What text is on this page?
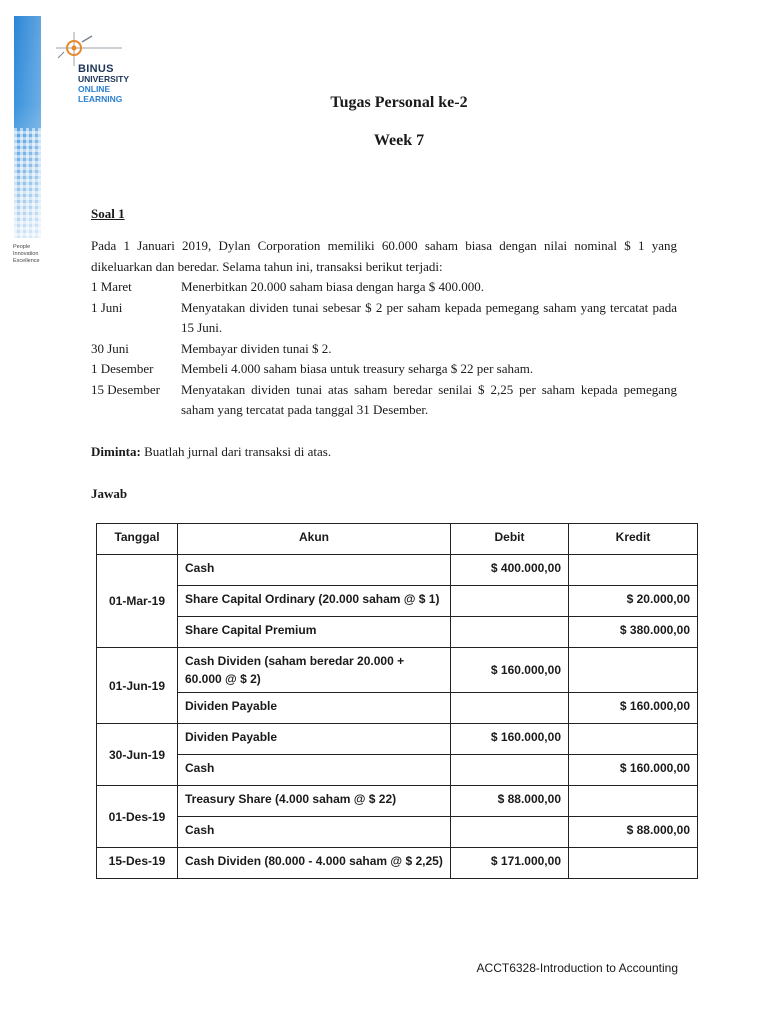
People
Innovation
Excellence
BINUS
UNIVERSITY
ONLINE
LEARNING	Tugas Personal ke-2
Week 7
Soal 1
Pada 1 Januari 2019, Dylan Corporation memiliki 60.000 saham biasa dengan nilai nominal $ 1 yang dikeluarkan dan beredar. Selama tahun ini, transaksi berikut terjadi:
1 Maret	Menerbitkan 20.000 saham biasa dengan harga $ 400.000.
1 Juni	Menyatakan dividen tunai sebesar $ 2 per saham kepada pemegang saham yang tercatat pada 15 Juni.
30 Juni	Membayar dividen tunai $ 2.
1 Desember	Membeli 4.000 saham biasa untuk treasury seharga $ 22 per saham.
15 Desember	Menyatakan dividen tunai atas saham beredar senilai $ 2,25 per saham kepada pemegang saham yang tercatat pada tanggal 31 Desember.
Diminta: Buatlah jurnal dari transaksi di atas.
Jawab
Tanggal	Akun	Debit	Kredit
01-Mar-19	Cash	$ 400.000,00	
	Share Capital Ordinary (20.000 saham @ $ 1)		$ 20.000,00
	Share Capital Premium		$ 380.000,00
01-Jun-19	Cash Dividen (saham beredar 20.000 + 60.000 @ $ 2)	$ 160.000,00	
	Dividen Payable		$ 160.000,00
30-Jun-19	Dividen Payable	$ 160.000,00	
	Cash		$ 160.000,00
01-Des-19	Treasury Share (4.000 saham @ $ 22)	$ 88.000,00	
	Cash		$ 88.000,00
15-Des-19	Cash Dividen (80.000 - 4.000 saham @ $ 2,25)	$ 171.000,00	
ACCT6328-Introduction to Accounting
